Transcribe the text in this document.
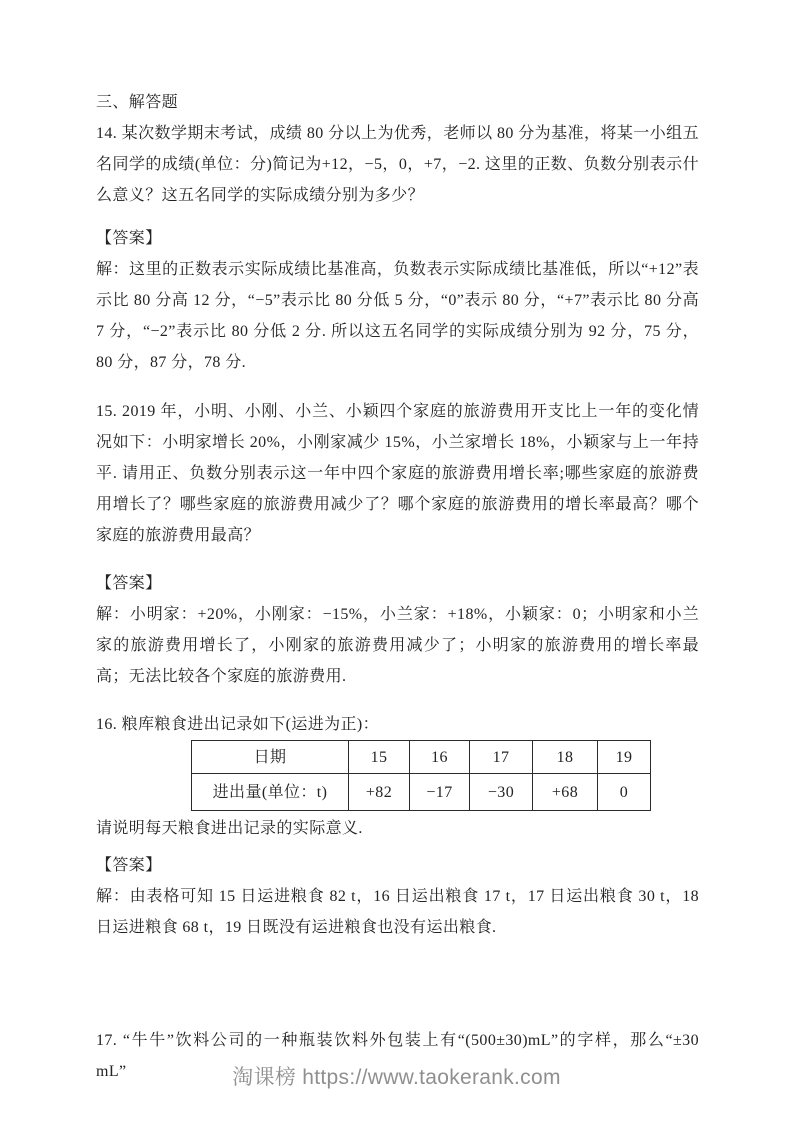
三、解答题

14. 某次数学期末考试，成绩 80 分以上为优秀，老师以 80 分为基准，将某一小组五名同学的成绩(单位：分)简记为+12，−5，0，+7，−2. 这里的正数、负数分别表示什么意义？这五名同学的实际成绩分别为多少？

【答案】

解：这里的正数表示实际成绩比基准高，负数表示实际成绩比基准低，所以“+12”表示比 80 分高 12 分，“−5”表示比 80 分低 5 分，“0”表示 80 分，“+7”表示比 80 分高 7 分，“−2”表示比 80 分低 2 分. 所以这五名同学的实际成绩分别为 92 分，75 分，80 分，87 分，78 分.

15. 2019 年，小明、小刚、小兰、小颖四个家庭的旅游费用开支比上一年的变化情况如下：小明家增长 20%，小刚家减少 15%，小兰家增长 18%，小颖家与上一年持平. 请用正、负数分别表示这一年中四个家庭的旅游费用增长率;哪些家庭的旅游费用增长了？哪些家庭的旅游费用减少了？哪个家庭的旅游费用的增长率最高？哪个家庭的旅游费用最高？

【答案】

解：小明家：+20%，小刚家：−15%，小兰家：+18%，小颖家：0；小明家和小兰家的旅游费用增长了，小刚家的旅游费用减少了；小明家的旅游费用的增长率最高；无法比较各个家庭的旅游费用.

16. 粮库粮食进出记录如下(运进为正)：

日期	15	16	17	18	19
进出量(单位：t)	+82	−17	−30	+68	0

请说明每天粮食进出记录的实际意义.

【答案】

解：由表格可知 15 日运进粮食 82 t，16 日运出粮食 17 t，17 日运出粮食 30 t，18 日运进粮食 68 t，19 日既没有运进粮食也没有运出粮食.

17. “牛牛”饮料公司的一种瓶装饮料外包装上有“(500±30)mL”的字样，那么“±30 mL”	淘课榜 https://www.taokerank.com
